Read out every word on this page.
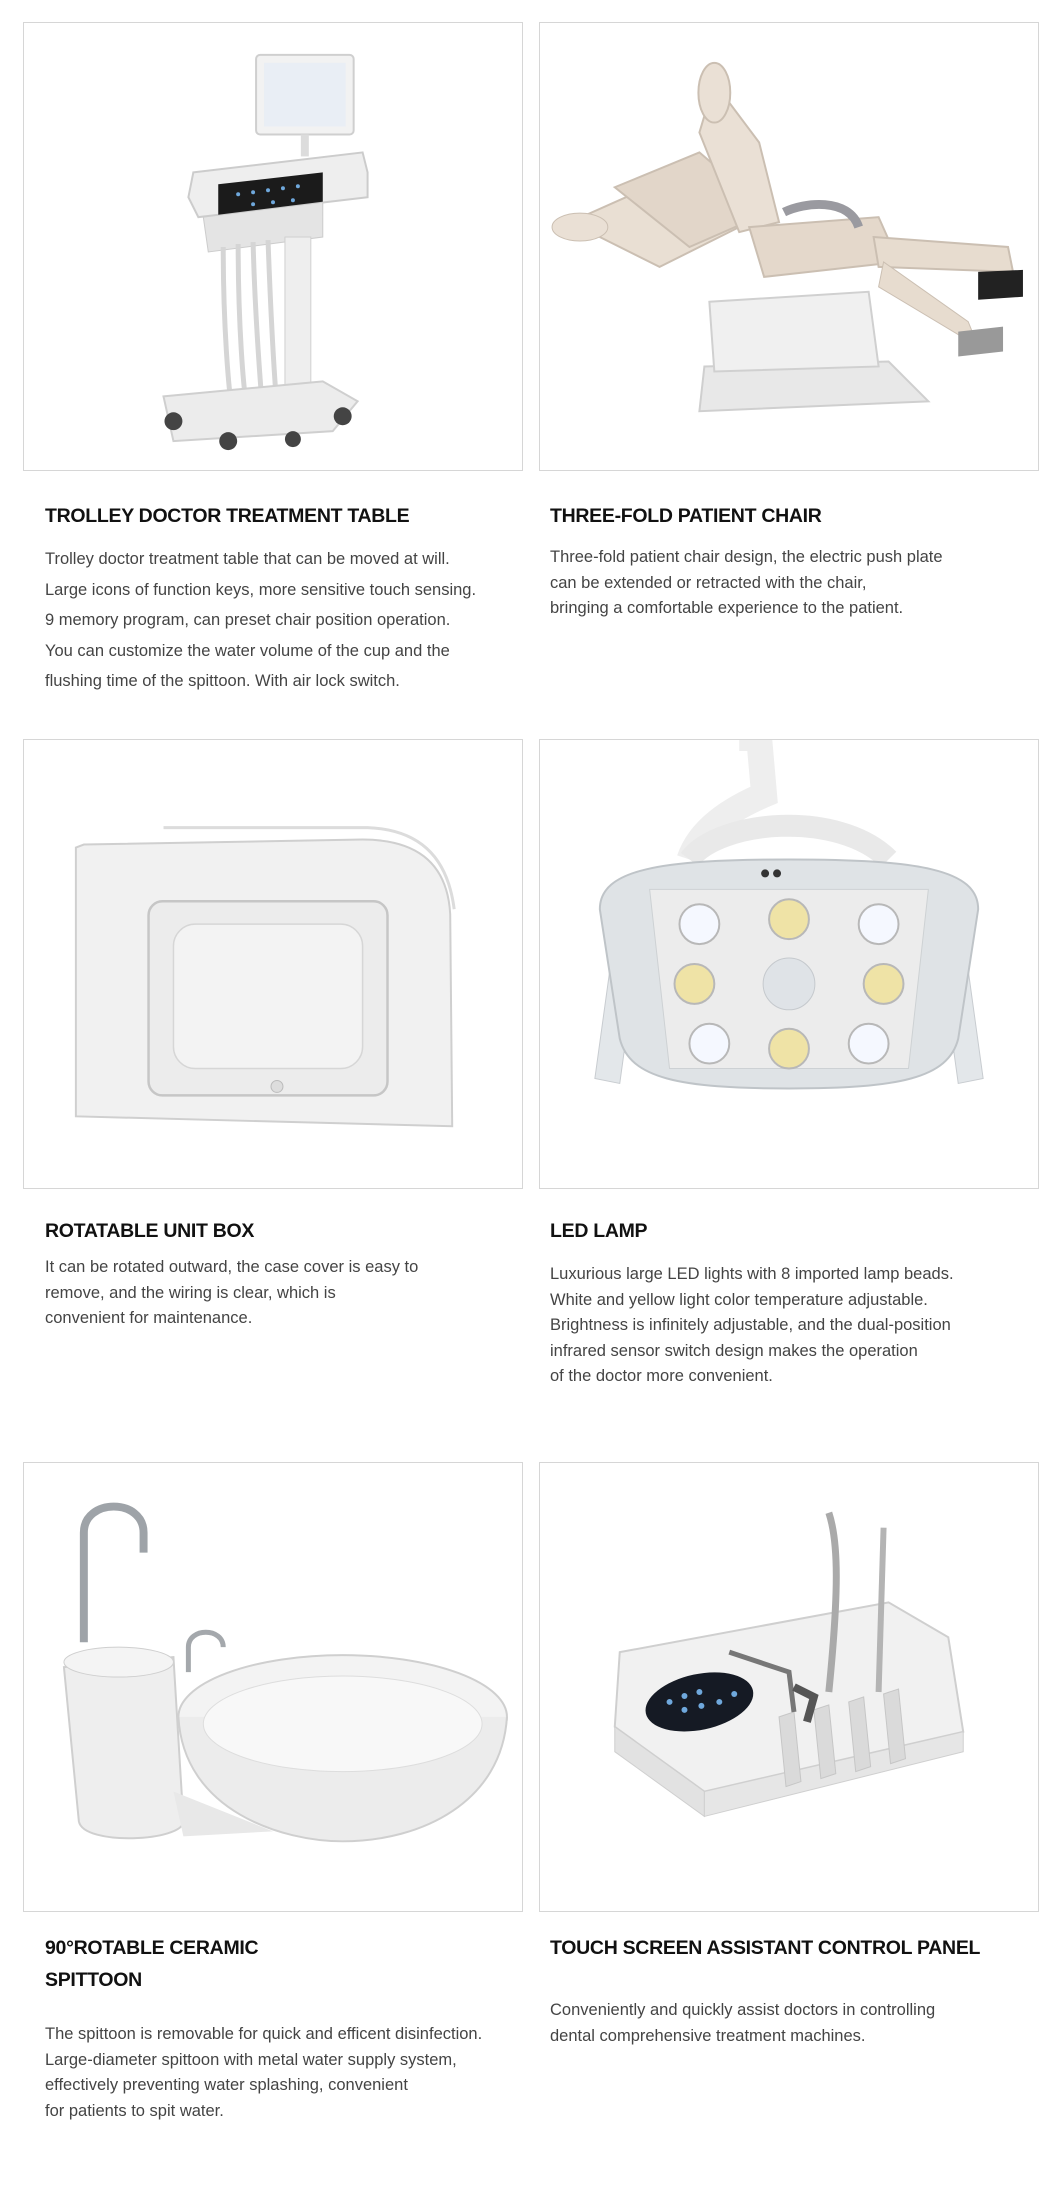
TROLLEY DOCTOR TREATMENT TABLE
Trolley doctor treatment table that can be moved at will.
Large icons of function keys, more sensitive touch sensing.
9 memory program, can preset chair position operation.
You can customize the water volume of the cup and the
flushing time of the spittoon. With air lock switch.
THREE-FOLD PATIENT CHAIR
Three-fold patient chair design, the electric push plate
can be extended or retracted with the chair,
bringing a comfortable experience to the patient.
ROTATABLE UNIT BOX
It can be rotated outward, the case cover is easy to
remove, and the wiring is clear, which is
convenient for maintenance.
LED LAMP
Luxurious large LED lights with 8 imported lamp beads.
White and yellow light color temperature adjustable.
Brightness is infinitely adjustable, and the dual-position
infrared sensor switch design makes the operation
of the doctor more convenient.
90°ROTABLE CERAMIC
SPITTOON
The spittoon is removable for quick and efficent disinfection.
Large-diameter spittoon with metal water supply system,
effectively preventing water splashing, convenient
for patients to spit water.
TOUCH SCREEN ASSISTANT CONTROL PANEL
Conveniently and quickly assist doctors in controlling
dental comprehensive treatment machines.
